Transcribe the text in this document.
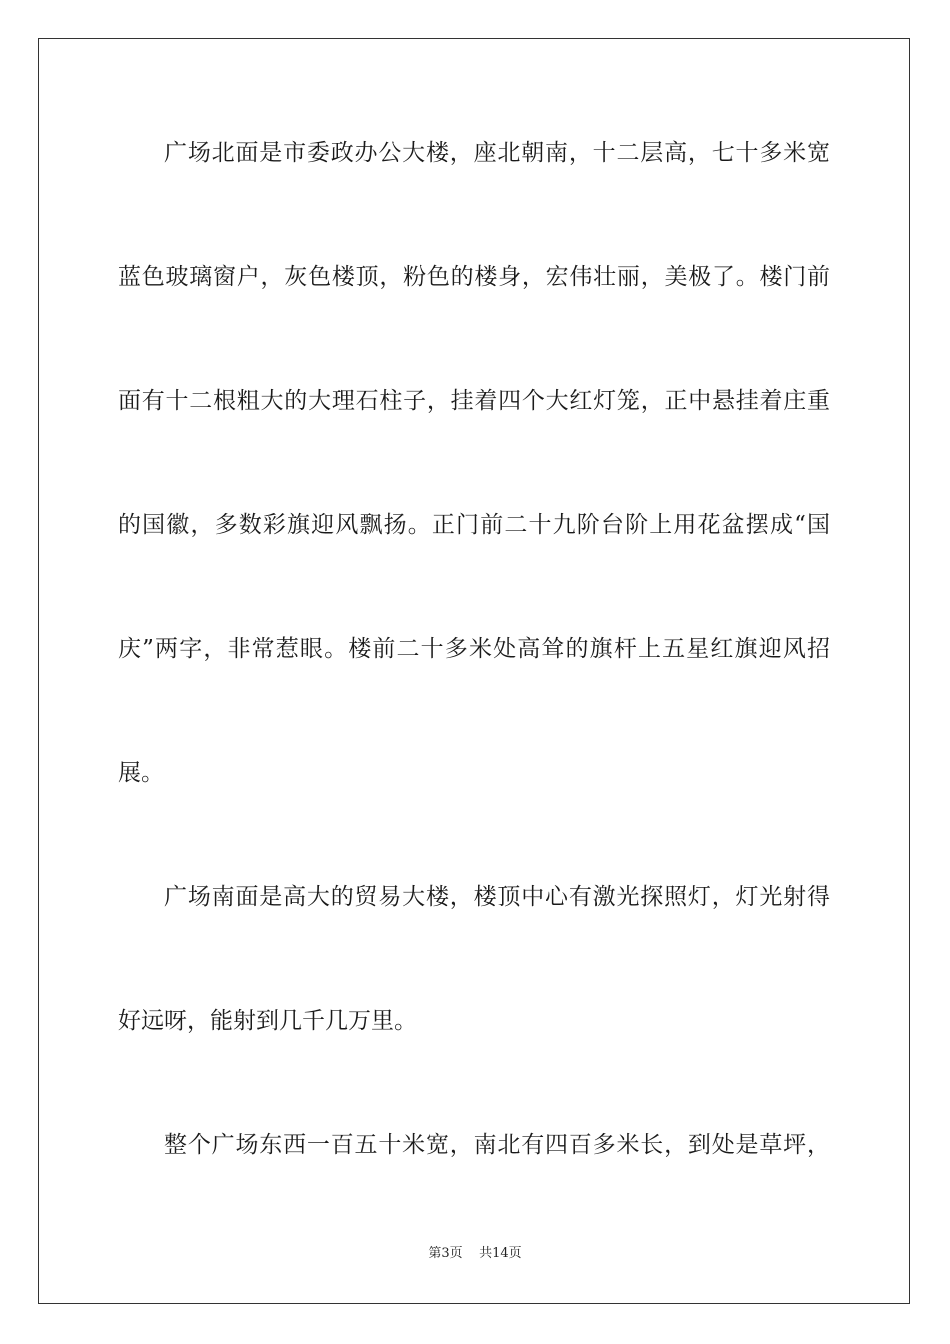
广场北面是市委政办公大楼，座北朝南，十二层高，七十多米宽
蓝色玻璃窗户，灰色楼顶，粉色的楼身，宏伟壮丽，美极了。楼门前
面有十二根粗大的大理石柱子，挂着四个大红灯笼，正中悬挂着庄重
的国徽，多数彩旗迎风飘扬。正门前二十九阶台阶上用花盆摆成“国
庆”两字，非常惹眼。楼前二十多米处高耸的旗杆上五星红旗迎风招
展。
广场南面是高大的贸易大楼，楼顶中心有激光探照灯，灯光射得
好远呀，能射到几千几万里。
整个广场东西一百五十米宽，南北有四百多米长，到处是草坪，
第3页 共14页
